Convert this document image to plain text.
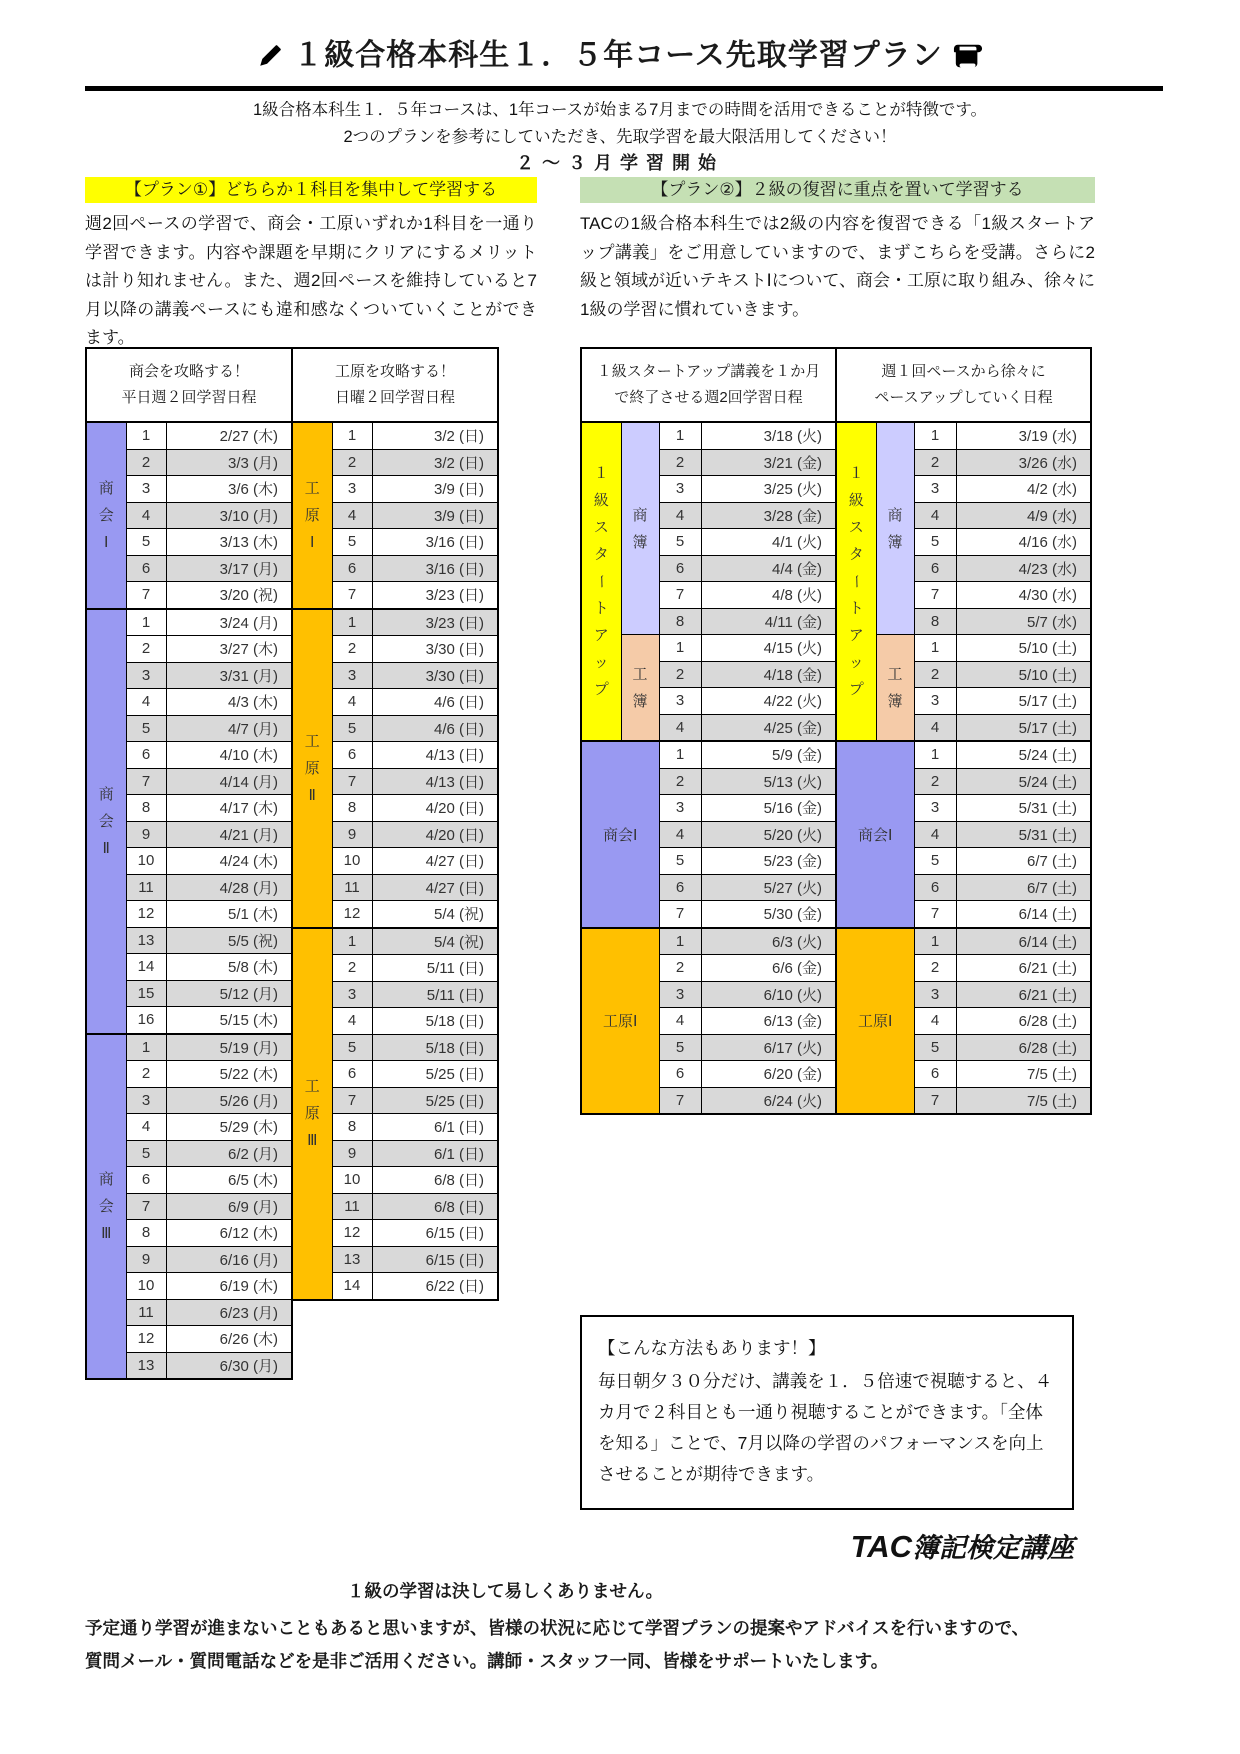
１級合格本科生１．５年コース先取学習プラン
1級合格本科生１．５年コースは、1年コースが始まる7月までの時間を活用できることが特徴です。
2つのプランを参考にしていただき、先取学習を最大限活用してください！
２～３月学習開始
【プラン①】どちらか１科目を集中して学習する
週2回ペースの学習で、商会・工原いずれか1科目を一通り学習できます。内容や課題を早期にクリアにするメリットは計り知れません。また、週2回ペースを維持していると7月以降の講義ペースにも違和感なくついていくことができます。
【プラン②】２級の復習に重点を置いて学習する
TACの1級合格本科生では2級の内容を復習できる「1級スタートアップ講義」をご用意していますので、まずこちらを受講。さらに2級と領域が近いテキストⅠについて、商会・工原に取り組み、徐々に1級の学習に慣れていきます。
商会を攻略する！
平日週２回学習日程		

商
会
Ⅰ	1	2/27 (木)
	2	3/3 (月)
	3	3/6 (木)
	4	3/10 (月)
	5	3/13 (木)
	6	3/17 (月)
	7	3/20 (祝)

商
会
Ⅱ	1	3/24 (月)
	2	3/27 (木)
	3	3/31 (月)
	4	4/3 (木)
	5	4/7 (月)
	6	4/10 (木)
	7	4/14 (月)
	8	4/17 (木)
	9	4/21 (月)
	10	4/24 (木)
	11	4/28 (月)
	12	5/1 (木)
	13	5/5 (祝)
	14	5/8 (木)
	15	5/12 (月)
	16	5/15 (木)

商
会
Ⅲ	1	5/19 (月)
	2	5/22 (木)
	3	5/26 (月)
	4	5/29 (木)
	5	6/2 (月)
	6	6/5 (木)
	7	6/9 (月)
	8	6/12 (木)
	9	6/16 (月)
	10	6/19 (木)
	11	6/23 (月)
	12	6/26 (木)
	13	6/30 (月)
工原を攻略する！
日曜２回学習日程		

工
原
Ⅰ	1	3/2 (日)
	2	3/2 (日)
	3	3/9 (日)
	4	3/9 (日)
	5	3/16 (日)
	6	3/16 (日)
	7	3/23 (日)

工
原
Ⅱ	1	3/23 (日)
	2	3/30 (日)
	3	3/30 (日)
	4	4/6 (日)
	5	4/6 (日)
	6	4/13 (日)
	7	4/13 (日)
	8	4/20 (日)
	9	4/20 (日)
	10	4/27 (日)
	11	4/27 (日)
	12	5/4 (祝)

工
原
Ⅲ	1	5/4 (祝)
	2	5/11 (日)
	3	5/11 (日)
	4	5/18 (日)
	5	5/18 (日)
	6	5/25 (日)
	7	5/25 (日)
	8	6/1 (日)
	9	6/1 (日)
	10	6/8 (日)
	11	6/8 (日)
	12	6/15 (日)
	13	6/15 (日)
	14	6/22 (日)
１級スタートアップ講義を１か月
で終了させる週2回学習日程			

１
級
ス
タ
ー
ト
ア
ッ
プ

商
簿
	1	3/18 (火)
		2	3/21 (金)
		3	3/25 (火)
		4	3/28 (金)
		5	4/1 (火)
		6	4/4 (金)
		7	4/8 (火)
		8	4/11 (金)

	工
簿	1	4/15 (火)
		2	4/18 (金)
		3	4/22 (火)
		4	4/25 (金)
商会Ⅰ		1	5/9 (金)
		2	5/13 (火)
		3	5/16 (金)
		4	5/20 (火)
		5	5/23 (金)
		6	5/27 (火)
		7	5/30 (金)
工原Ⅰ		1	6/3 (火)
		2	6/6 (金)
		3	6/10 (火)
		4	6/13 (金)
		5	6/17 (火)
		6	6/20 (金)
		7	6/24 (火)
週１回ペースから徐々に
ペースアップしていく日程			

１
級
ス
タ
ー
ト
ア
ッ
プ

商
簿
	1	3/19 (水)
		2	3/26 (水)
		3	4/2 (水)
		4	4/9 (水)
		5	4/16 (水)
		6	4/23 (水)
		7	4/30 (水)
		8	5/7 (水)

	工
簿	1	5/10 (土)
		2	5/10 (土)
		3	5/17 (土)
		4	5/17 (土)
商会Ⅰ		1	5/24 (土)
		2	5/24 (土)
		3	5/31 (土)
		4	5/31 (土)
		5	6/7 (土)
		6	6/7 (土)
		7	6/14 (土)
工原Ⅰ		1	6/14 (土)
		2	6/21 (土)
		3	6/21 (土)
		4	6/28 (土)
		5	6/28 (土)
		6	7/5 (土)
		7	7/5 (土)
【こんな方法もあります！】
毎日朝夕３０分だけ、講義を１．５倍速で視聴すると、４カ月で２科目とも一通り視聴することができます。「全体を知る」ことで、7月以降の学習のパフォーマンスを向上させることが期待できます。
TAC簿記検定講座
１級の学習は決して易しくありません。
予定通り学習が進まないこともあると思いますが、皆様の状況に応じて学習プランの提案やアドバイスを行いますので、
質問メール・質問電話などを是非ご活用ください。講師・スタッフ一同、皆様をサポートいたします。
